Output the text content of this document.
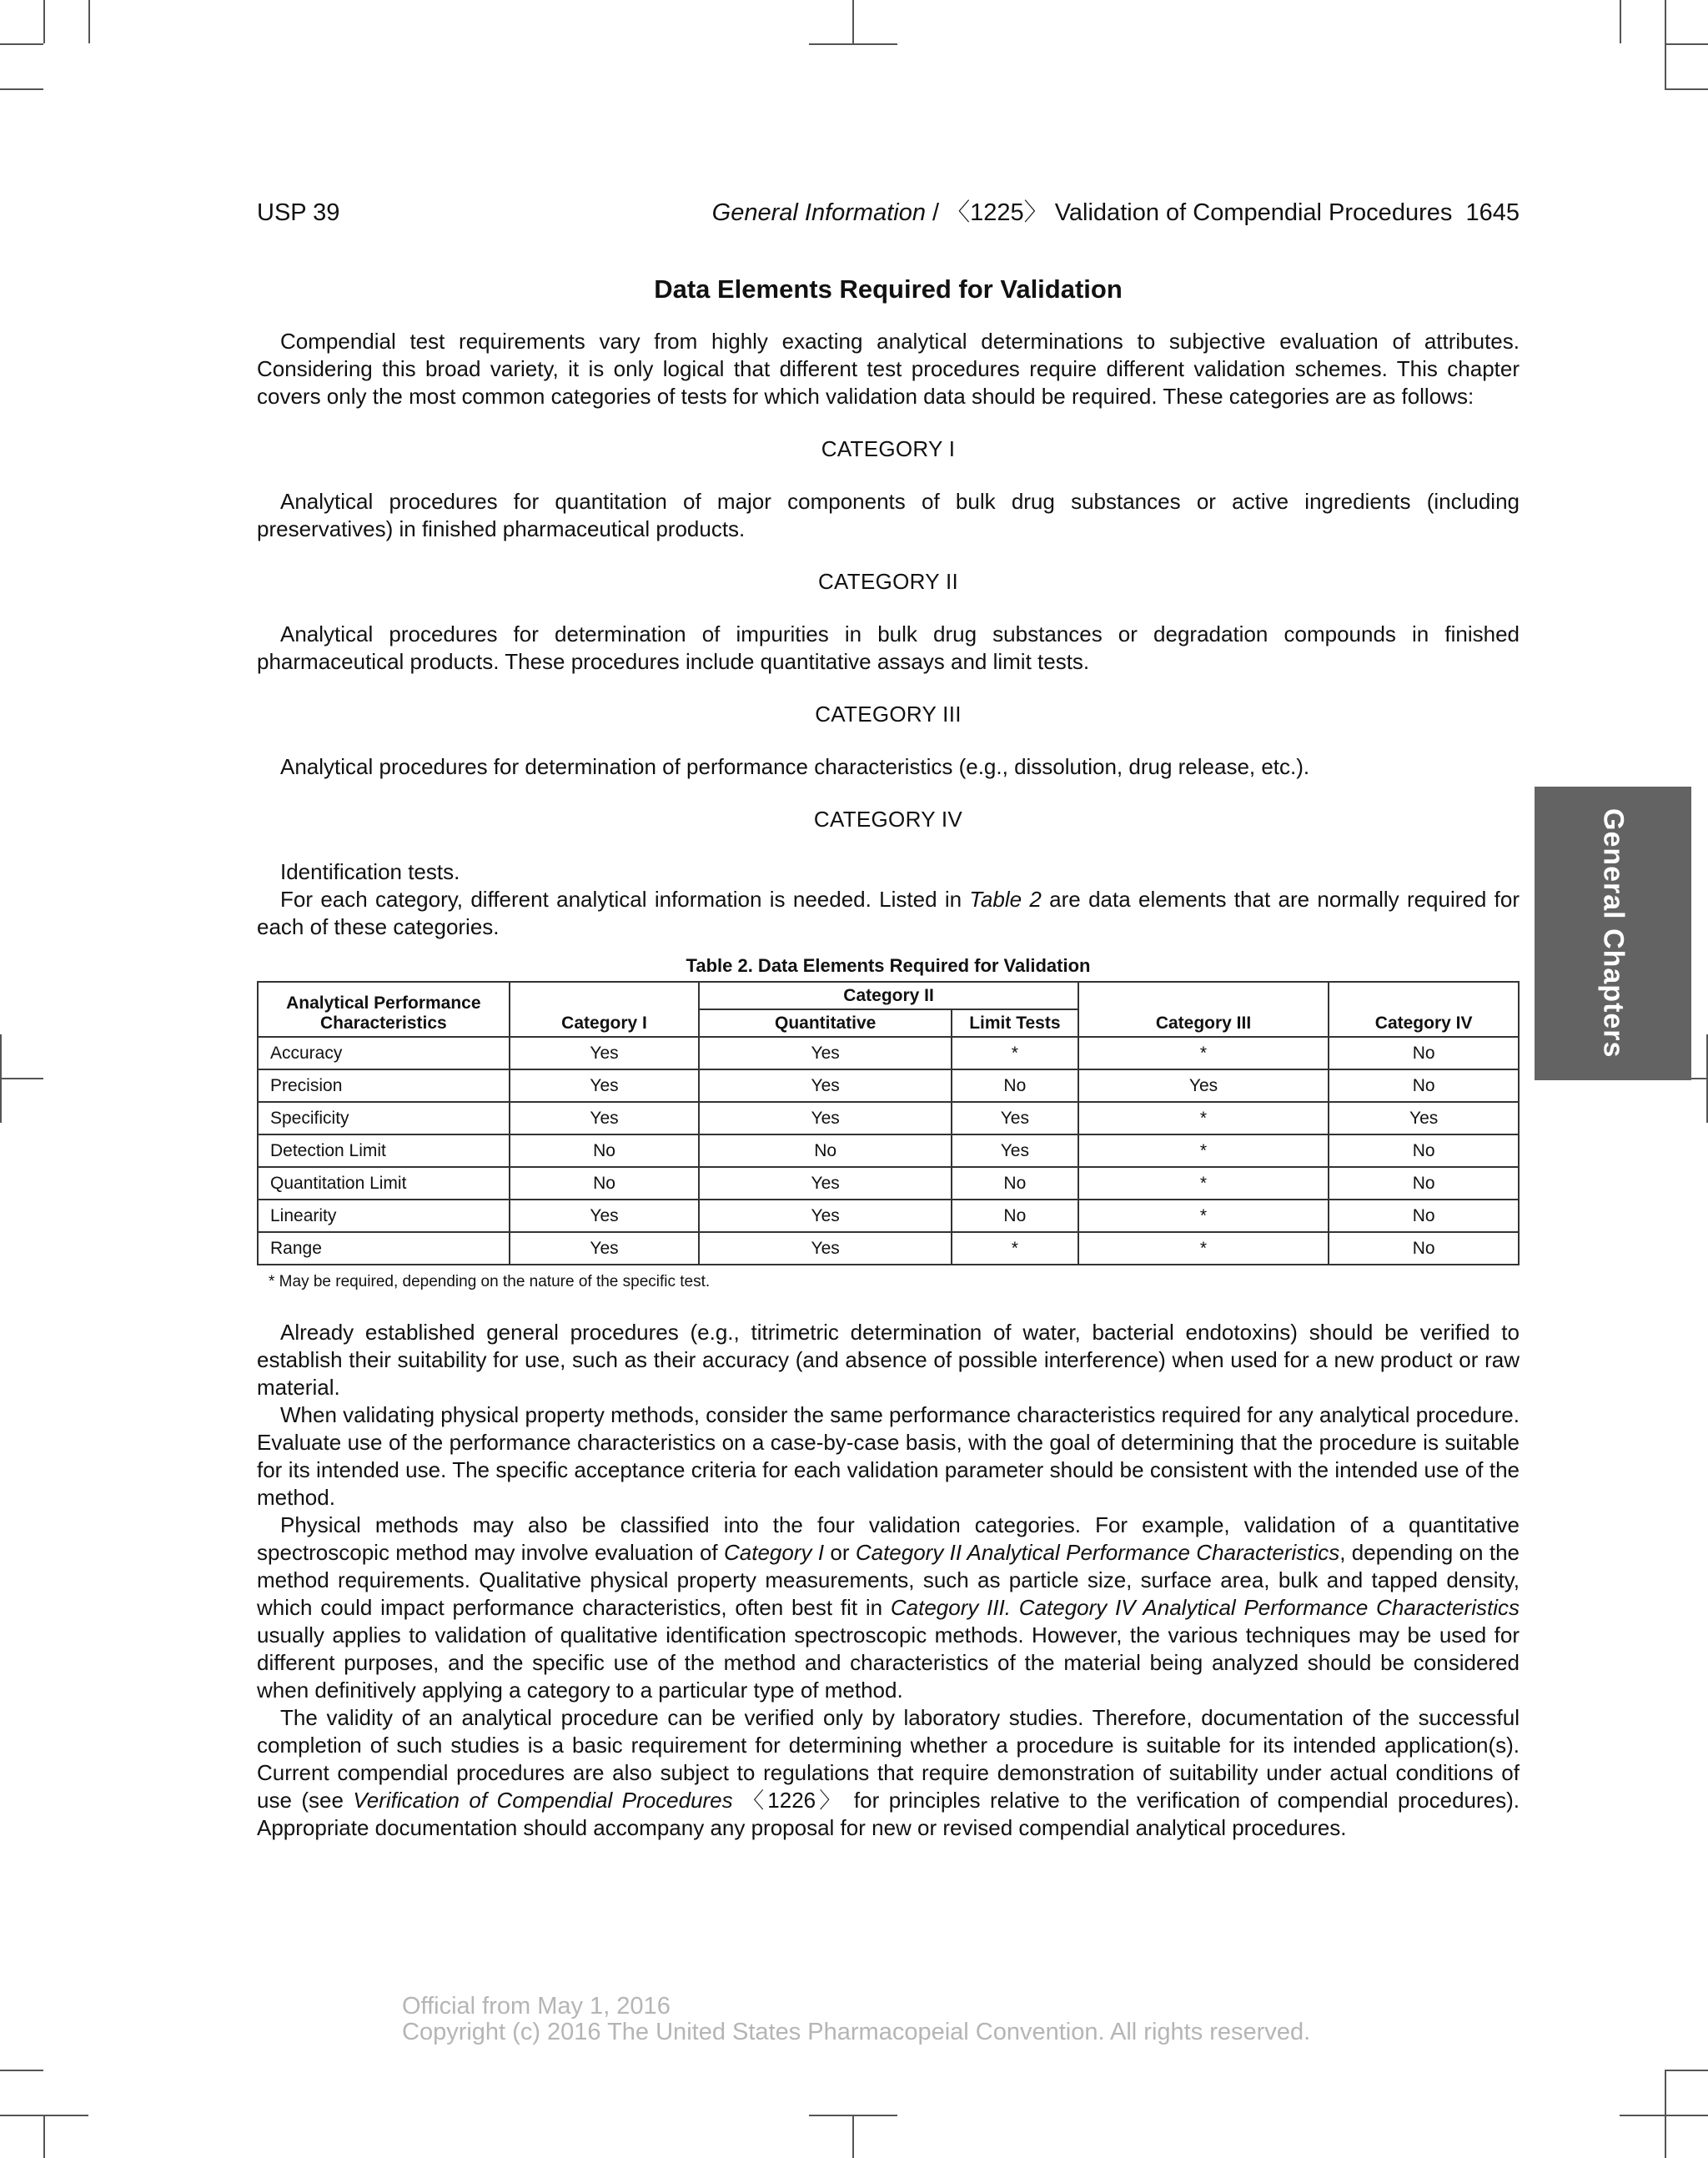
USP 39	General Information / 〈1225〉 Validation of Compendial Procedures 1645
Data Elements Required for Validation

Compendial test requirements vary from highly exacting analytical determinations to subjective evaluation of attributes. Considering this broad variety, it is only logical that different test procedures require different validation schemes. This chapter covers only the most common categories of tests for which validation data should be required. These categories are as follows:

CATEGORY I

Analytical procedures for quantitation of major components of bulk drug substances or active ingredients (including preservatives) in finished pharmaceutical products.

CATEGORY II

Analytical procedures for determination of impurities in bulk drug substances or degradation compounds in finished pharmaceutical products. These procedures include quantitative assays and limit tests.

CATEGORY III

Analytical procedures for determination of performance characteristics (e.g., dissolution, drug release, etc.).

CATEGORY IV

Identification tests.

For each category, different analytical information is needed. Listed in Table 2 are data elements that are normally required for each of these categories.

Table 2. Data Elements Required for Validation
Analytical Performance Characteristics	Category I	Category II		Category III	Category IV
		Quantitative	Limit Tests		
Accuracy	Yes	Yes	*	*	No
Precision	Yes	Yes	No	Yes	No
Specificity	Yes	Yes	Yes	*	Yes
Detection Limit	No	No	Yes	*	No
Quantitation Limit	No	Yes	No	*	No
Linearity	Yes	Yes	No	*	No
Range	Yes	Yes	*	*	No
* May be required, depending on the nature of the specific test.

Already established general procedures (e.g., titrimetric determination of water, bacterial endotoxins) should be verified to establish their suitability for use, such as their accuracy (and absence of possible interference) when used for a new product or raw material.

When validating physical property methods, consider the same performance characteristics required for any analytical procedure. Evaluate use of the performance characteristics on a case-by-case basis, with the goal of determining that the procedure is suitable for its intended use. The specific acceptance criteria for each validation parameter should be consistent with the intended use of the method.

Physical methods may also be classified into the four validation categories. For example, validation of a quantitative spectroscopic method may involve evaluation of Category I or Category II Analytical Performance Characteristics, depending on the method requirements. Qualitative physical property measurements, such as particle size, surface area, bulk and tapped density, which could impact performance characteristics, often best fit in Category III. Category IV Analytical Performance Characteristics usually applies to validation of qualitative identification spectroscopic methods. However, the various techniques may be used for different purposes, and the specific use of the method and characteristics of the material being analyzed should be considered when definitively applying a category to a particular type of method.

The validity of an analytical procedure can be verified only by laboratory studies. Therefore, documentation of the successful completion of such studies is a basic requirement for determining whether a procedure is suitable for its intended application(s). Current compendial procedures are also subject to regulations that require demonstration of suitability under actual conditions of use (see Verification of Compendial Procedures 〈1226〉 for principles relative to the verification of compendial procedures). Appropriate documentation should accompany any proposal for new or revised compendial analytical procedures.

General Chapters
Official from May 1, 2016
Copyright (c) 2016 The United States Pharmacopeial Convention. All rights reserved.
